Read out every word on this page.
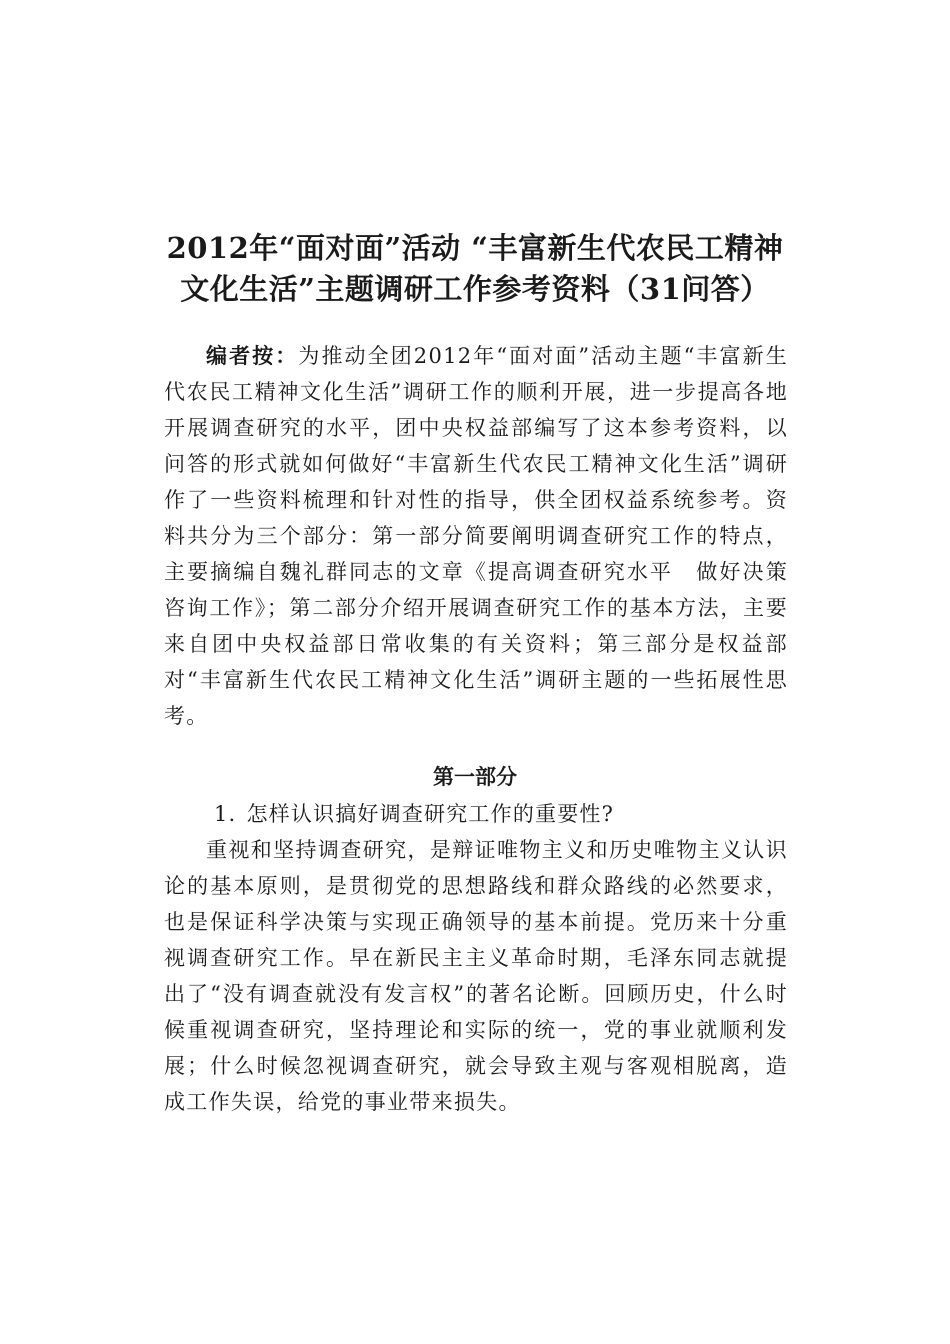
2012年“面对面”活动 “丰富新生代农民工精神
文化生活”主题调研工作参考资料（31问答）

编者按：为推动全团2012年“面对面”活动主题“丰富新生代农民工精神文化生活”调研工作的顺利开展，进一步提高各地开展调查研究的水平，团中央权益部编写了这本参考资料，以问答的形式就如何做好“丰富新生代农民工精神文化生活”调研作了一些资料梳理和针对性的指导，供全团权益系统参考。资料共分为三个部分：第一部分简要阐明调查研究工作的特点，主要摘编自魏礼群同志的文章《提高调查研究水平　做好决策咨询工作》；第二部分介绍开展调查研究工作的基本方法，主要来自团中央权益部日常收集的有关资料；第三部分是权益部对“丰富新生代农民工精神文化生活”调研主题的一些拓展性思考。

第一部分

1. 怎样认识搞好调查研究工作的重要性?

重视和坚持调查研究，是辩证唯物主义和历史唯物主义认识论的基本原则，是贯彻党的思想路线和群众路线的必然要求，也是保证科学决策与实现正确领导的基本前提。党历来十分重视调查研究工作。早在新民主主义革命时期，毛泽东同志就提出了“没有调查就没有发言权”的著名论断。回顾历史，什么时候重视调查研究，坚持理论和实际的统一，党的事业就顺利发展；什么时候忽视调查研究，就会导致主观与客观相脱离，造成工作失误，给党的事业带来损失。
